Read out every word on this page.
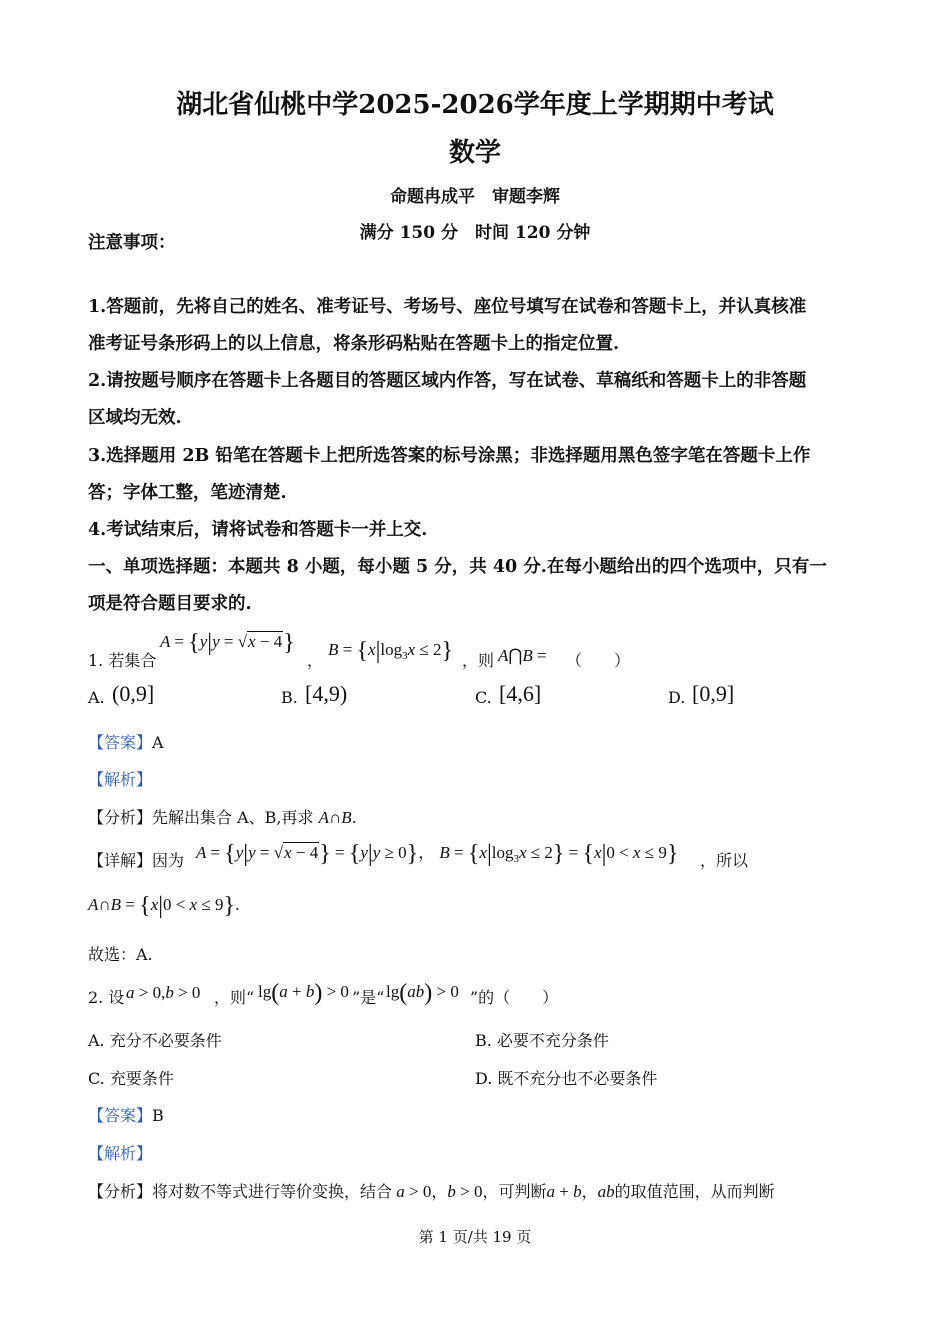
湖北省仙桃中学2025-2026学年度上学期期中考试
数学
命题冉成平　审题李辉
满分 150 分　时间 120 分钟
注意事项：
1.答题前，先将自己的姓名、准考证号、考场号、座位号填写在试卷和答题卡上，并认真核准
准考证号条形码上的以上信息，将条形码粘贴在答题卡上的指定位置.
2.请按题号顺序在答题卡上各题目的答题区域内作答，写在试卷、草稿纸和答题卡上的非答题
区域均无效.
3.选择题用 2B 铅笔在答题卡上把所选答案的标号涂黑；非选择题用黑色签字笔在答题卡上作
答；字体工整，笔迹清楚.
4.考试结束后，请将试卷和答题卡一并上交.
一、单项选择题：本题共 8 小题，每小题 5 分，共 40 分.在每小题给出的四个选项中，只有一
项是符合题目要求的.
1. 若集合
A = {y|y = √x − 4}
，
$B = \{x|\log_3x \le 2\}$ ，则 A⋂B = （　　）
A. (0,9]	B. [4,9)	C. [4,6]	D. [0,9]
【答案】A
【解析】
【分析】先解出集合 A、B,再求 A∩B.
【详解】因为 A = {y|y = √x − 4} = {y|y ≥ 0}， $B = \{x|\log_3x \le 2\} = \{x|0 < x \le 9\}$ ，所以
A∩B = {x|0 < x ≤ 9}.
故选：A.
2. 设 a > 0,b > 0 ，则“ lg(a + b) > 0 ”是“ lg(ab) > 0 ”的（　　）
A. 充分不必要条件	B. 必要不充分条件
C. 充要条件	D. 既不充分也不必要条件
【答案】B
【解析】
【分析】将对数不等式进行等价变换，结合 a > 0，b > 0，可判断a + b，ab的取值范围，从而判断
第 1 页/共 19 页
